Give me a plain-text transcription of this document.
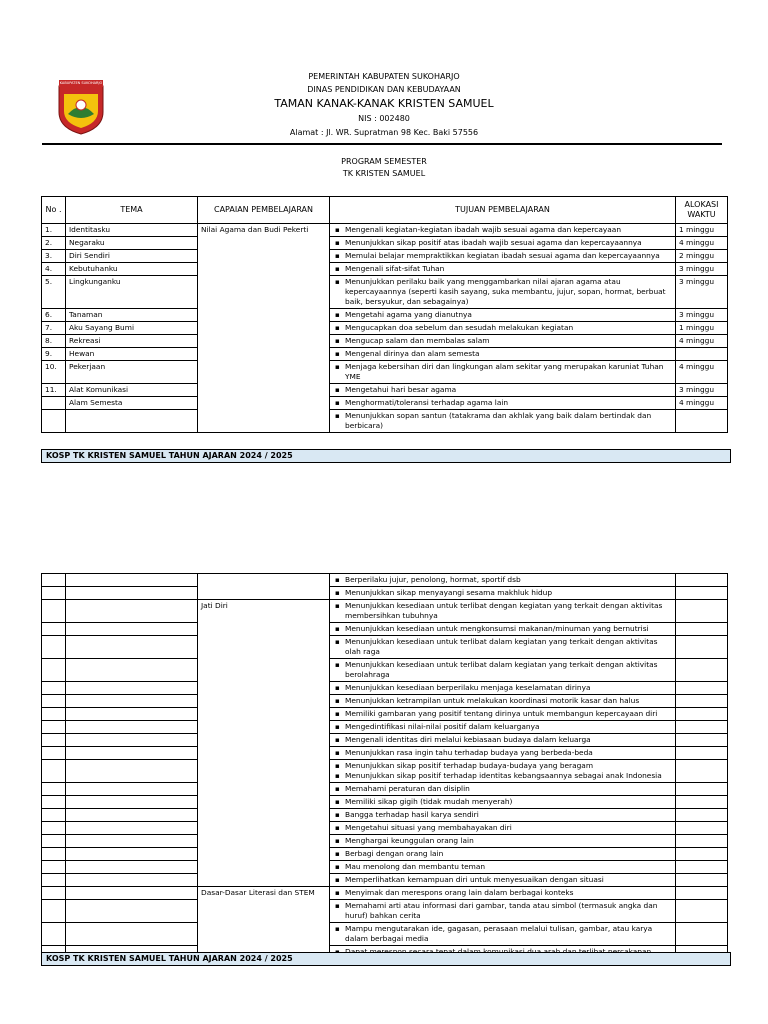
KABUPATEN SUKOHARJO
PEMERINTAH KABUPATEN SUKOHARJO
DINAS PENDIDIKAN DAN KEBUDAYAAN
TAMAN KANAK-KANAK KRISTEN SAMUEL
NIS : 002480
Alamat : Jl. WR. Supratman 98 Kec. Baki 57556
PROGRAM SEMESTER
TK KRISTEN SAMUEL
No .	TEMA	CAPAIAN PEMBELAJARAN	TUJUAN PEMBELAJARAN	ALOKASI WAKTU
1.	Identitasku	Nilai Agama dan Budi Pekerti	▪ Mengenali kegiatan-kegiatan ibadah wajib sesuai agama dan kepercayaan	1 minggu
2.	Negaraku		▪ Menunjukkan sikap positif atas ibadah wajib sesuai agama dan kepercayaannya	4 minggu
3.	Diri Sendiri		▪ Memulai belajar mempraktikkan kegiatan ibadah sesuai agama dan kepercayaannya	2 minggu
4.	Kebutuhanku		▪ Mengenali sifat-sifat Tuhan	3 minggu
5.	Lingkunganku		▪ Menunjukkan perilaku baik yang menggambarkan nilai ajaran agama atau kepercayaannya (seperti kasih sayang, suka membantu, jujur, sopan, hormat, berbuat baik, bersyukur, dan sebagainya)	3 minggu
6.	Tanaman		▪ Mengetahi agama yang dianutnya	3 minggu
7.	Aku Sayang Bumi		▪ Mengucapkan doa sebelum dan sesudah melakukan kegiatan	1 minggu
8.	Rekreasi		▪ Mengucap salam dan membalas salam	4 minggu
9.	Hewan		▪ Mengenal dirinya dan alam semesta

10.	Pekerjaan		▪ Menjaga kebersihan diri dan lingkungan alam sekitar yang merupakan karuniat Tuhan YME	4 minggu
11.	Alat Komunikasi		▪ Mengetahui hari besar agama	3 minggu
	Alam Semesta		▪ Menghormati/toleransi terhadap agama lain	4 minggu

			▪ Menunjukkan sopan santun (tatakrama dan akhlak yang baik dalam bertindak dan berbicara)

KOSP TK KRISTEN SAMUEL TAHUN AJARAN 2024 / 2025

			▪ Berperilaku jujur, penolong, hormat, sportif dsb

			▪ Menunjukkan sikap menyayangi sesama makhluk hidup

		Jati Diri	▪ Menunjukkan kesediaan untuk terlibat dengan kegiatan yang terkait dengan aktivitas membersihkan tubuhnya

			▪ Menunjukkan kesediaan untuk mengkonsumsi makanan/minuman yang bernutrisi

			▪ Menunjukkan kesediaan untuk terlibat dalam kegiatan yang terkait dengan aktivitas olah raga

			▪ Menunjukkan kesediaan untuk terlibat dalam kegiatan yang terkait dengan aktivitas berolahraga

			▪ Menunjukkan kesediaan berperilaku menjaga keselamatan dirinya

			▪ Menunjukkan ketrampilan untuk melakukan koordinasi motorik kasar dan halus

			▪ Memiliki gambaran yang positif tentang dirinya untuk membangun kepercayaan diri

			▪ Mengedintifikasi nilai-nilai positif dalam keluarganya

			▪ Mengenali identitas diri melalui kebiasaan budaya dalam keluarga

			▪ Menunjukkan rasa ingin tahu terhadap budaya yang berbeda-beda

			▪ Menunjukkan sikap positif terhadap budaya-budaya yang beragam
▪ Menunjukkan sikap positif terhadap identitas kebangsaannya sebagai anak Indonesia

			▪ Memahami peraturan dan disiplin

			▪ Memiliki sikap gigih (tidak mudah menyerah)

			▪ Bangga terhadap hasil karya sendiri

			▪ Mengetahui situasi yang membahayakan diri

			▪ Menghargai keunggulan orang lain

			▪ Berbagi dengan orang lain

			▪ Mau menolong dan membantu teman

			▪ Memperlihatkan kemampuan diri untuk menyesuaikan dengan situasi

		Dasar-Dasar Literasi dan STEM	▪ Menyimak dan merespons orang lain dalam berbagai konteks

			▪ Memahami arti atau informasi dari gambar, tanda atau simbol (termasuk angka dan huruf) bahkan cerita

			▪ Mampu mengutarakan ide, gagasan, perasaan melalui tulisan, gambar, atau karya dalam berbagai media

▪

KOSP TK KRISTEN SAMUEL TAHUN AJARAN 2024 / 2025
